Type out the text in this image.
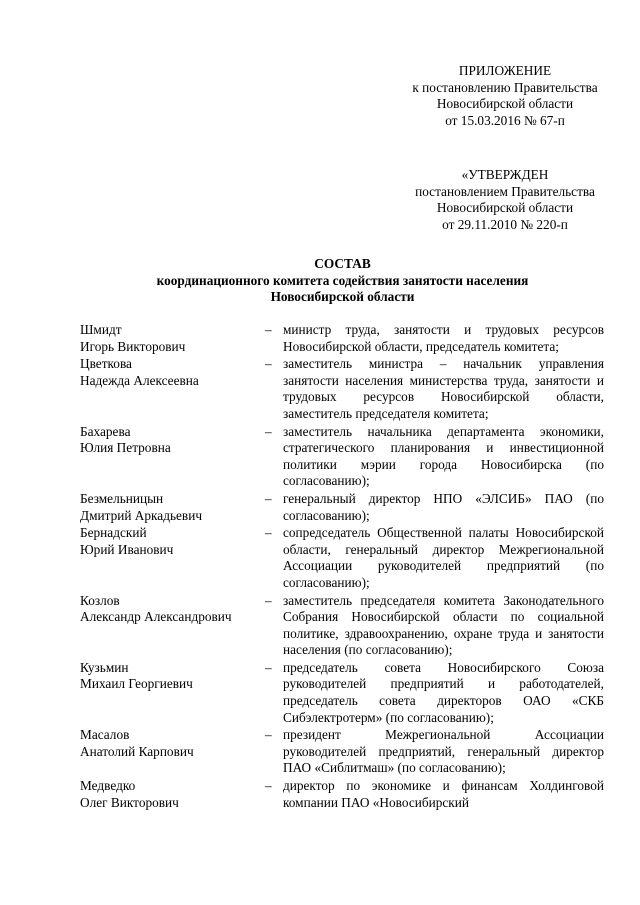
ПРИЛОЖЕНИЕ
к постановлению Правительства
Новосибирской области
от 15.03.2016 № 67-п
«УТВЕРЖДЕН
постановлением Правительства
Новосибирской области
от 29.11.2010 № 220-п
СОСТАВ
координационного комитета содействия занятости населения
Новосибирской области
Шмидт
Игорь Викторович
– министр труда, занятости и трудовых ресурсов Новосибирской области, председатель комитета;
Цветкова
Надежда Алексеевна
– заместитель министра – начальник управления занятости населения министерства труда, занятости и трудовых ресурсов Новосибирской области, заместитель председателя комитета;
Бахарева
Юлия Петровна
– заместитель начальника департамента экономики, стратегического планирования и инвестиционной политики мэрии города Новосибирска (по согласованию);
Безмельницын
Дмитрий Аркадьевич
– генеральный директор НПО «ЭЛСИБ» ПАО (по согласованию);
Бернадский
Юрий Иванович
– сопредседатель Общественной палаты Новосибирской области, генеральный директор Межрегиональной Ассоциации руководителей предприятий (по согласованию);
Козлов
Александр Александрович
– заместитель председателя комитета Законодательного Собрания Новосибирской области по социальной политике, здравоохранению, охране труда и занятости населения (по согласованию);
Кузьмин
Михаил Георгиевич
– председатель совета Новосибирского Союза руководителей предприятий и работодателей, председатель совета директоров ОАО «СКБ Сибэлектротерм» (по согласованию);
Масалов
Анатолий Карпович
– президент Межрегиональной Ассоциации руководителей предприятий, генеральный директор ПАО «Сиблитмаш» (по согласованию);
Медведко
Олег Викторович
– директор по экономике и финансам Холдинговой компании ПАО «Новосибирский
